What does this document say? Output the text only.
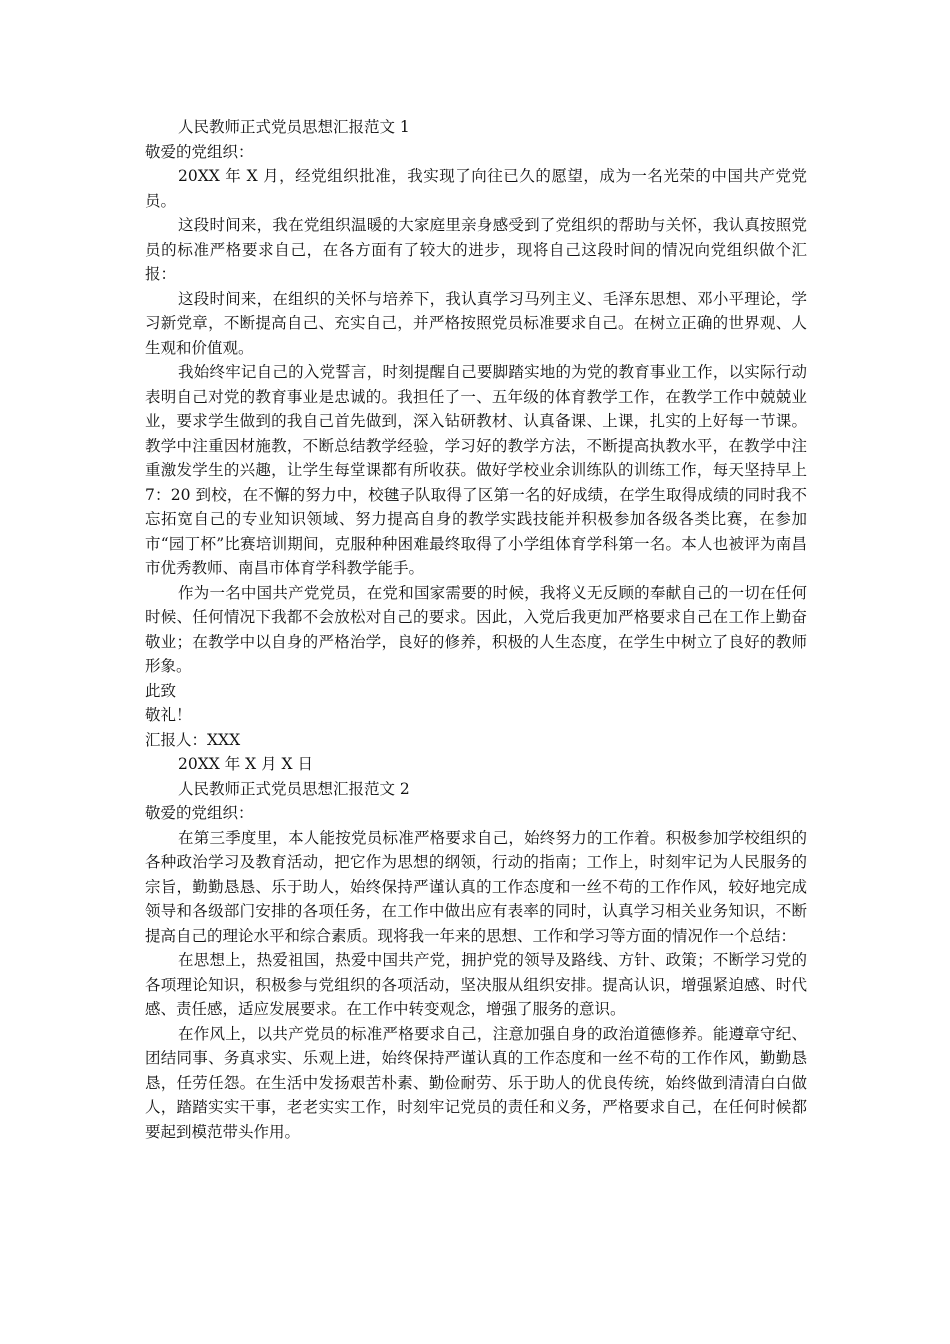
人民教师正式党员思想汇报范文 1
敬爱的党组织：
20XX 年 X 月，经党组织批准，我实现了向往已久的愿望，成为一名光荣的中国共产党党员。
这段时间来，我在党组织温暖的大家庭里亲身感受到了党组织的帮助与关怀，我认真按照党员的标准严格要求自己，在各方面有了较大的进步，现将自己这段时间的情况向党组织做个汇报：
这段时间来，在组织的关怀与培养下，我认真学习马列主义、毛泽东思想、邓小平理论，学习新党章，不断提高自己、充实自己，并严格按照党员标准要求自己。在树立正确的世界观、人生观和价值观。
我始终牢记自己的入党誓言，时刻提醒自己要脚踏实地的为党的教育事业工作，以实际行动表明自己对党的教育事业是忠诚的。我担任了一、五年级的体育教学工作，在教学工作中兢兢业业，要求学生做到的我自己首先做到，深入钻研教材、认真备课、上课，扎实的上好每一节课。教学中注重因材施教，不断总结教学经验，学习好的教学方法，不断提高执教水平，在教学中注重激发学生的兴趣，让学生每堂课都有所收获。做好学校业余训练队的训练工作，每天坚持早上 7：20 到校，在不懈的努力中，校毽子队取得了区第一名的好成绩，在学生取得成绩的同时我不忘拓宽自己的专业知识领域、努力提高自身的教学实践技能并积极参加各级各类比赛，在参加市“园丁杯”比赛培训期间，克服种种困难最终取得了小学组体育学科第一名。本人也被评为南昌市优秀教师、南昌市体育学科教学能手。
作为一名中国共产党党员，在党和国家需要的时候，我将义无反顾的奉献自己的一切在任何时候、任何情况下我都不会放松对自己的要求。因此，入党后我更加严格要求自己在工作上勤奋敬业；在教学中以自身的严格治学，良好的修养，积极的人生态度，在学生中树立了良好的教师形象。
此致
敬礼！
汇报人：XXX
20XX 年 X 月 X 日
人民教师正式党员思想汇报范文 2
敬爱的党组织：
在第三季度里，本人能按党员标准严格要求自己，始终努力的工作着。积极参加学校组织的各种政治学习及教育活动，把它作为思想的纲领，行动的指南；工作上，时刻牢记为人民服务的宗旨，勤勤恳恳、乐于助人，始终保持严谨认真的工作态度和一丝不苟的工作作风，较好地完成领导和各级部门安排的各项任务，在工作中做出应有表率的同时，认真学习相关业务知识，不断提高自己的理论水平和综合素质。现将我一年来的思想、工作和学习等方面的情况作一个总结：
在思想上，热爱祖国，热爱中国共产党，拥护党的领导及路线、方针、政策；不断学习党的各项理论知识，积极参与党组织的各项活动，坚决服从组织安排。提高认识，增强紧迫感、时代感、责任感，适应发展要求。在工作中转变观念，增强了服务的意识。
在作风上，以共产党员的标准严格要求自己，注意加强自身的政治道德修养。能遵章守纪、团结同事、务真求实、乐观上进，始终保持严谨认真的工作态度和一丝不苟的工作作风，勤勤恳恳，任劳任怨。在生活中发扬艰苦朴素、勤俭耐劳、乐于助人的优良传统，始终做到清清白白做人，踏踏实实干事，老老实实工作，时刻牢记党员的责任和义务，严格要求自己，在任何时候都要起到模范带头作用。
